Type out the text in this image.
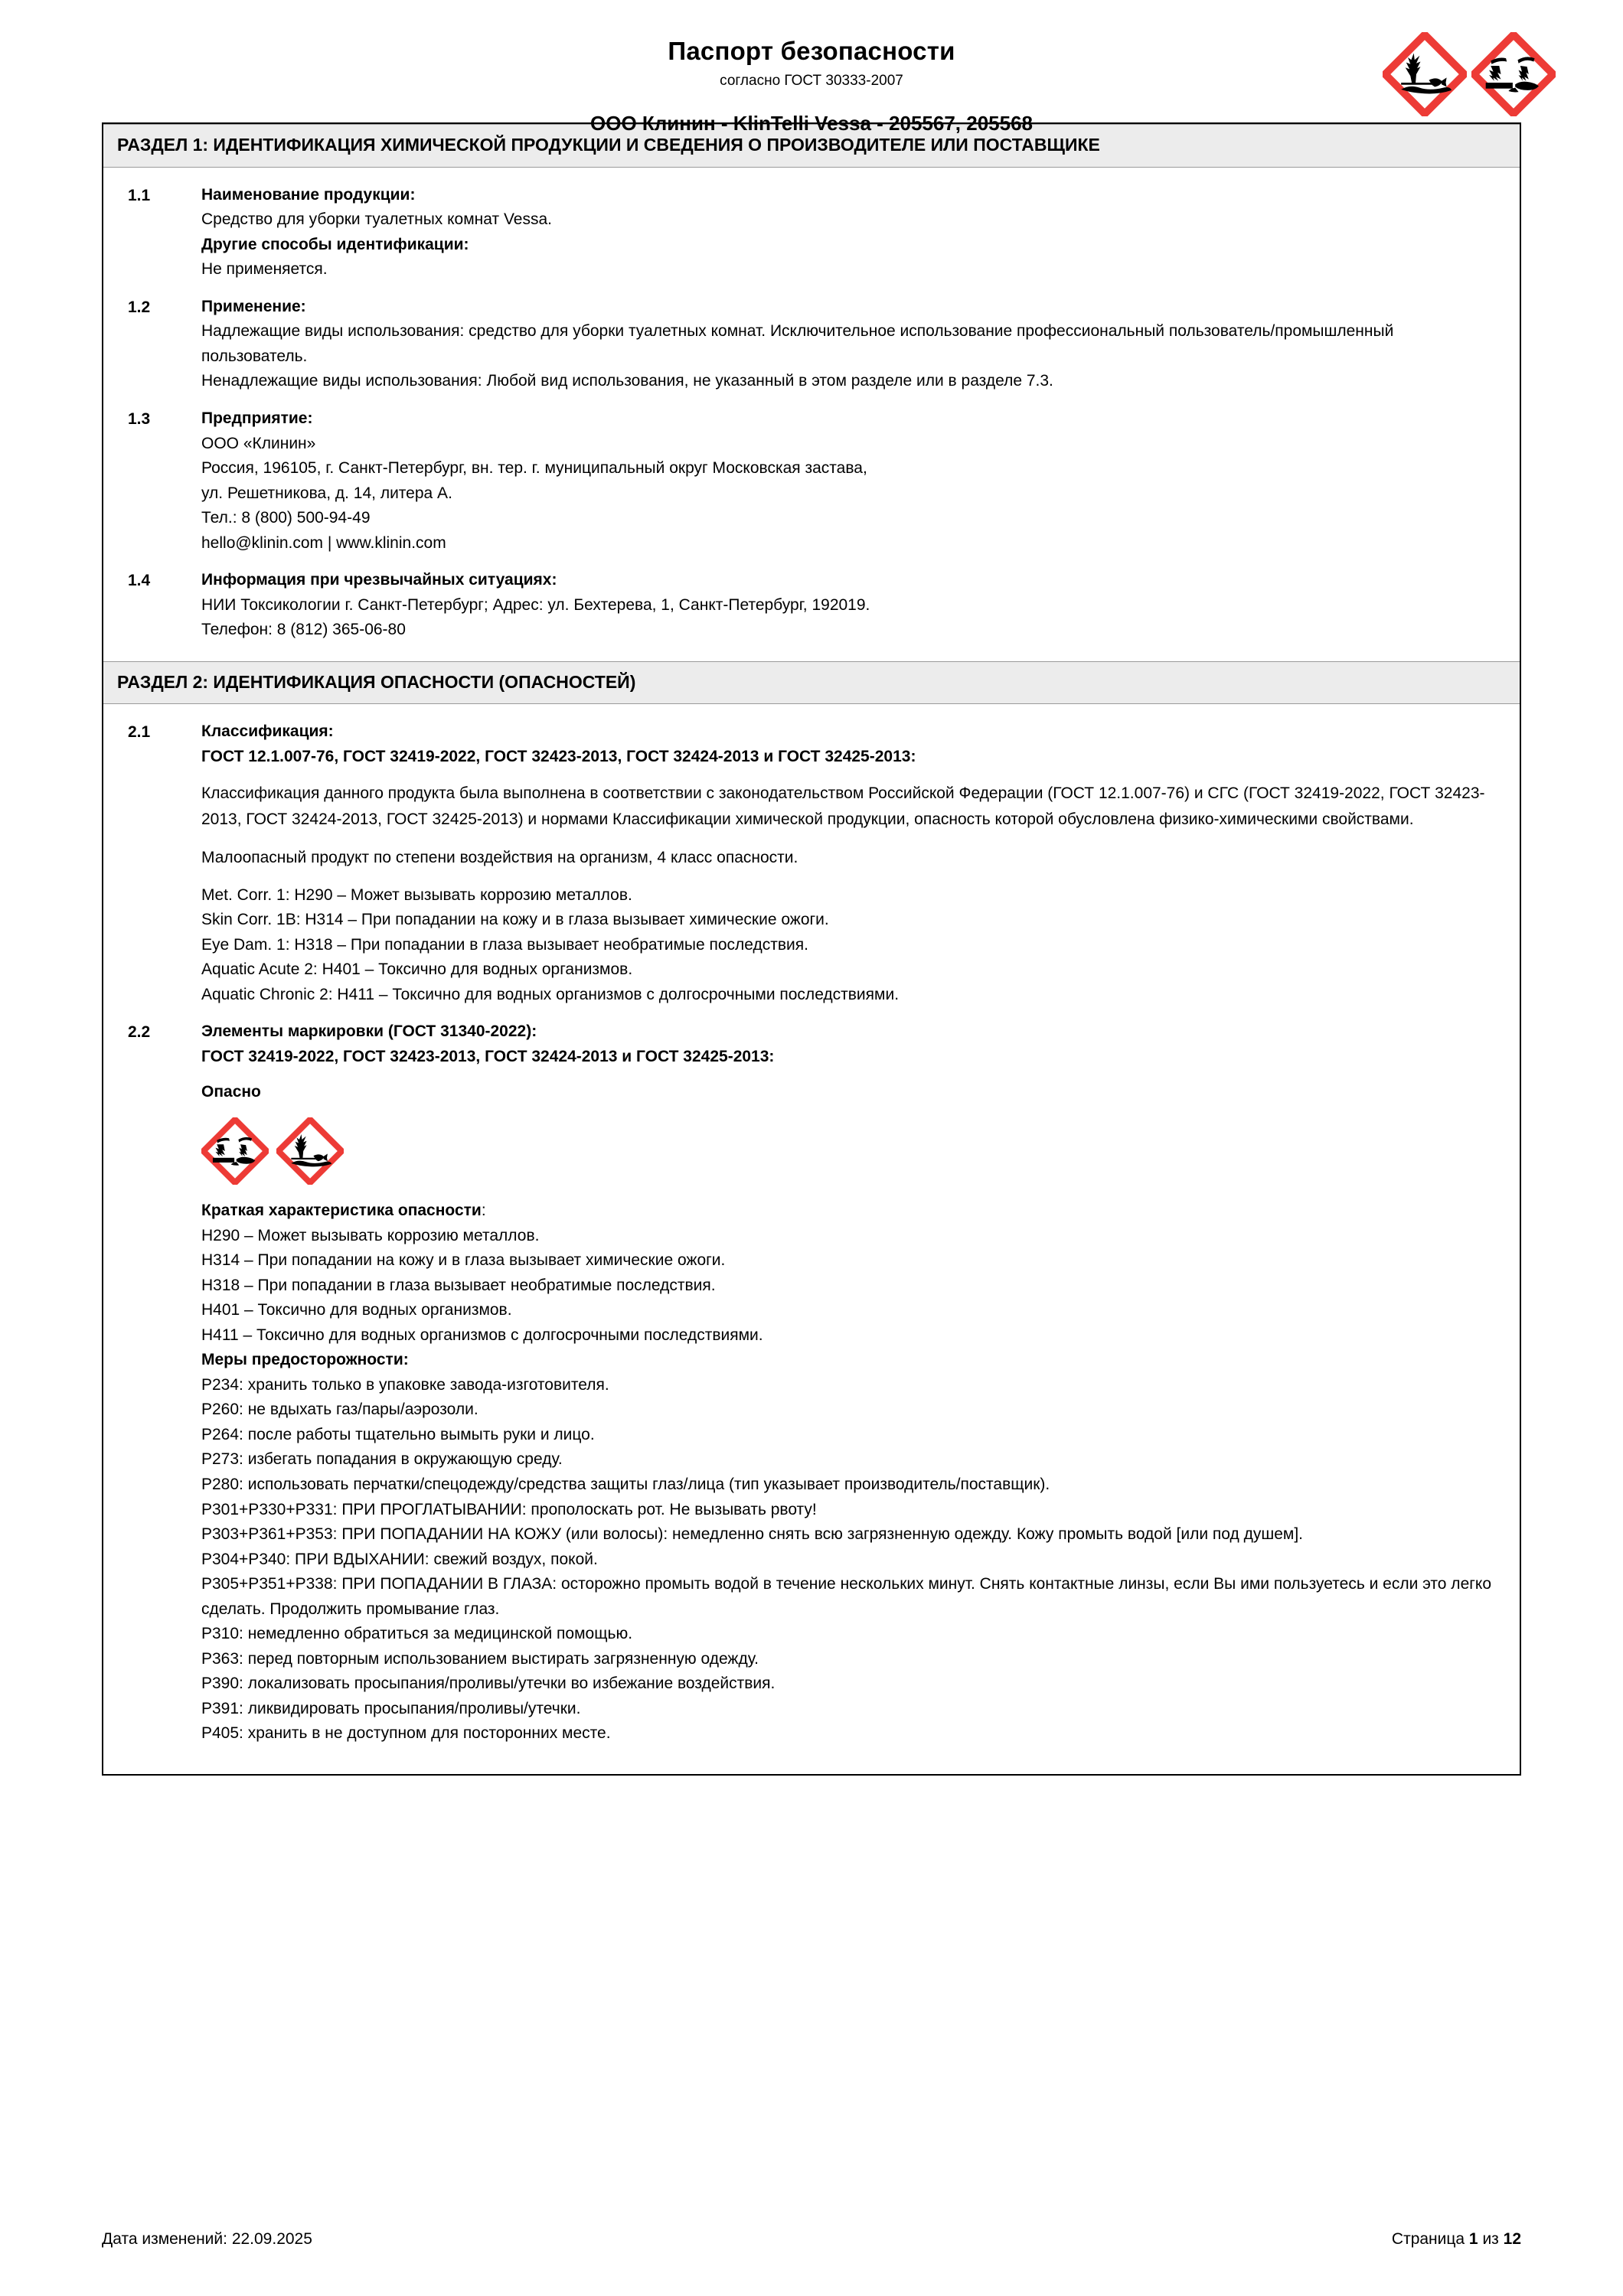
Паспорт безопасности
согласно ГОСТ 30333-2007
ООО Клинин - KlinTelli Vessa - 205567, 205568
РАЗДЕЛ 1: ИДЕНТИФИКАЦИЯ ХИМИЧЕСКОЙ ПРОДУКЦИИ И СВЕДЕНИЯ О ПРОИЗВОДИТЕЛЕ ИЛИ ПОСТАВЩИКЕ
1.1	Наименование продукции:
Средство для уборки туалетных комнат Vessa.
Другие способы идентификации:
Не применяется.
1.2	Применение:
Надлежащие виды использования: средство для уборки туалетных комнат. Исключительное использование профессиональный пользователь/промышленный пользователь.
Ненадлежащие виды использования: Любой вид использования, не указанный в этом разделе или в разделе 7.3.
1.3	Предприятие:
ООО «Клинин»
Россия, 196105, г. Санкт-Петербург, вн. тер. г. муниципальный округ Московская застава,
ул. Решетникова, д. 14, литера А.
Тел.: 8 (800) 500-94-49
hello@klinin.com | www.klinin.com
1.4	Информация при чрезвычайных ситуациях:
НИИ Токсикологии г. Санкт-Петербург; Адрес: ул. Бехтерева, 1, Санкт-Петербург, 192019.
Телефон: 8 (812) 365-06-80
РАЗДЕЛ 2: ИДЕНТИФИКАЦИЯ ОПАСНОСТИ (ОПАСНОСТЕЙ)
2.1	Классификация:
ГОСТ 12.1.007-76, ГОСТ 32419-2022, ГОСТ 32423-2013, ГОСТ 32424-2013 и ГОСТ 32425-2013:
Классификация данного продукта была выполнена в соответствии с законодательством Российской Федерации (ГОСТ 12.1.007-76) и СГС (ГОСТ 32419-2022, ГОСТ 32423-2013, ГОСТ 32424-2013, ГОСТ 32425-2013) и нормами Классификации химической продукции, опасность которой обусловлена физико-химическими свойствами.
Малоопасный продукт по степени воздействия на организм, 4 класс опасности.
Met. Corr. 1: H290 – Может вызывать коррозию металлов.
Skin Corr. 1B: H314 – При попадании на кожу и в глаза вызывает химические ожоги.
Eye Dam. 1: H318 – При попадании в глаза вызывает необратимые последствия.
Aquatic Acute 2: H401 – Токсично для водных организмов.
Aquatic Chronic 2: H411 – Токсично для водных организмов с долгосрочными последствиями.
2.2	Элементы маркировки (ГОСТ 31340-2022):
ГОСТ 32419-2022, ГОСТ 32423-2013, ГОСТ 32424-2013 и ГОСТ 32425-2013:
Опасно
Краткая характеристика опасности:
H290 – Может вызывать коррозию металлов.
H314 – При попадании на кожу и в глаза вызывает химические ожоги.
H318 – При попадании в глаза вызывает необратимые последствия.
H401 – Токсично для водных организмов.
H411 – Токсично для водных организмов с долгосрочными последствиями.
Меры предосторожности:
P234: хранить только в упаковке завода-изготовителя.
P260: не вдыхать газ/пары/аэрозоли.
P264: после работы тщательно вымыть руки и лицо.
P273: избегать попадания в окружающую среду.
P280: использовать перчатки/спецодежду/средства защиты глаз/лица (тип указывает производитель/поставщик).
P301+P330+P331: ПРИ ПРОГЛАТЫВАНИИ: прополоскать рот. Не вызывать рвоту!
P303+P361+P353: ПРИ ПОПАДАНИИ НА КОЖУ (или волосы): немедленно снять всю загрязненную одежду. Кожу промыть водой [или под душем].
P304+P340: ПРИ ВДЫХАНИИ: свежий воздух, покой.
P305+P351+P338: ПРИ ПОПАДАНИИ В ГЛАЗА: осторожно промыть водой в течение нескольких минут. Снять контактные линзы, если Вы ими пользуетесь и если это легко сделать. Продолжить промывание глаз.
P310: немедленно обратиться за медицинской помощью.
P363: перед повторным использованием выстирать загрязненную одежду.
P390: локализовать просыпания/проливы/утечки во избежание воздействия.
P391: ликвидировать просыпания/проливы/утечки.
P405: хранить в не доступном для посторонних месте.
Дата изменений: 22.09.2025	Страница 1 из 12
